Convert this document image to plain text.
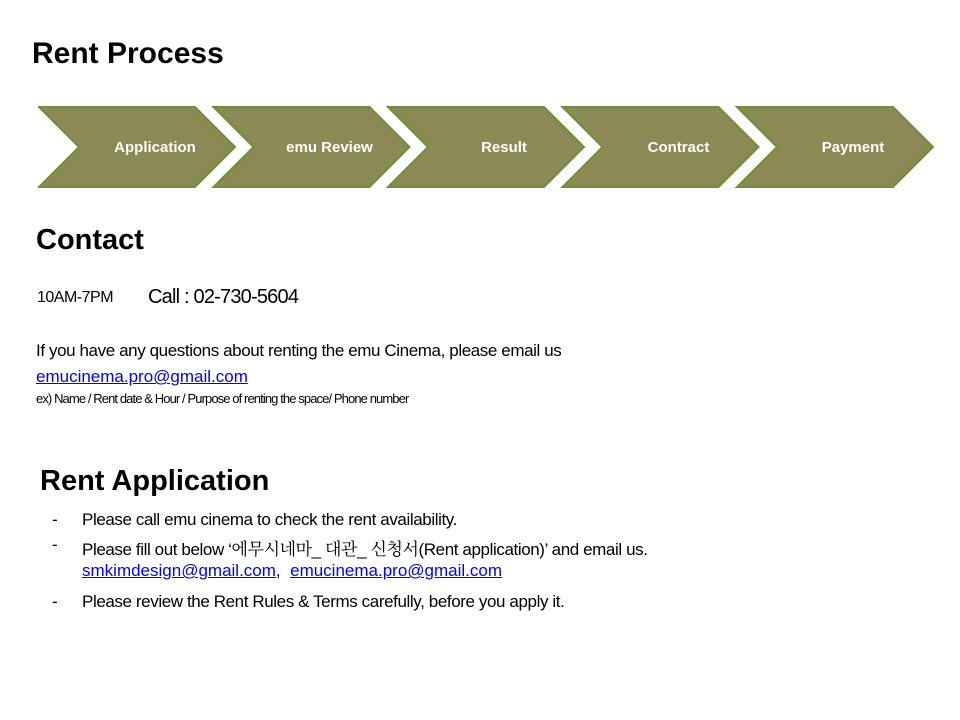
Rent Process
Application	emu Review	Result	Contract	Payment
Contact
10AM-7PM Call : 02-730-5604
If you have any questions about renting the emu Cinema, please email us
emucinema.pro@gmail.com
ex) Name / Rent date & Hour / Purpose of renting the space/ Phone number
Rent Application
- Please call emu cinema to check the rent availability.
- Please fill out below ‘에무시네마_ 대관_ 신청서(Rent application)’ and email us.
smkimdesign@gmail.com, emucinema.pro@gmail.com
- Please review the Rent Rules & Terms carefully, before you apply it.
